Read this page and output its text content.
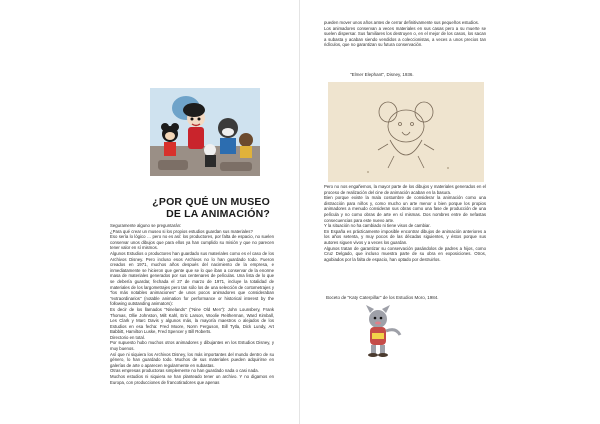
¿POR QUÉ UN MUSEO
DE LA ANIMACIÓN?

Seguramente alguno se preguntarán:

¿Para qué crear un museo si los propios estudios guardan sus materiales?

Eso sería lo lógico … pero no es así: los productores, por falta de espacio, no suelen conservar unos dibujos que para ellos ya han cumplido su misión y que no parecen tener valor en sí mismos.

Algunos Estudios o productores han guardado sus materiales como es el caso de los Archivos Disney. Pero incluso esos Archivos no lo han guardado todo. Fueron creados en 1971, muchos años después del nacimiento de la empresa, e inmediatamente se hicieron que gente que se lo que iban a conservar de la enorme masa de materiales generados por sus centenares de películas. Una lista de lo que se debería guardar, fechada el 27 de marzo de 1971, incluye la totalidad de materiales de los largometrajes pero tan sólo los de una selección de cortometrajes y "los más notables animaciones" de unos pocos animadores que consideraban "extraordinarios" (notable animation for performance or historical interest by the following outstanding animators):

Es decir de los llamados "Ninelands" ("Nine Old Men"): John Lounsbery, Frank Thomas, Ollie Johnston, Milt Kahl, Eric Larson, Woolie Reitherman, Ward Kimball, Les Clark y Marc Davis y algunos más, la mayoría maestros o alejados de los Estudios en esa fecha: Fred Moore, Norm Ferguson, Bill Tytla, Dick Lundy, Art Babbitt, Hamilton Luske, Fred Spencer y Bill Roberts.

Directorio en total.

Por supuesto hubo muchos otros animadores y dibujantes en los Estudios Disney, y muy buenos.

Así que ni siquiera los Archivos Disney, los más importantes del mundo dentro de su género, lo han guardado todo. Muchos de sus materiales pueden adquirirse en galerías de arte o aparecen regularmente en subastas.

Otras empresas productoras simplemente no han guardado nada o casi nada.

Muchos estudios ni siquiera se han planteado tener un archivo. Y no digamos en Europa, con producciones de francotiradores que apenas

pueden mover unos años antes de cerrar definitivamente sus pequeños estudios.

Los animadores conservan a veces materiales en sus casas pero a su muerte se suelen dispersar. Sus familiares los destruyen o, en el mejor de los casos, los sacan a subasta y acaban siendo vendidos a coleccionistas, a veces a unos precios tan ridículos, que no garantizan su futura conservación.

"Elmer Elephant", Disney, 1936.

Pero no nos engañemos, la mayor parte de los dibujos y materiales generados en el proceso de realización del cine de animación acaban en la basura.

Bien porque existe la mala costumbre de considerar la animación como una distracción para niños y, como mucho un arte menor o bien porque los propios animadores a menudo consideran sus obras como una fase de producción de una película y no como obras de arte en sí mismas. Dos nombres entre de nefastas consecuencias para este nuevo arte.

Y la situación no ha cambiado ni tiene visos de cambiar.

En España es prácticamente imposible encontrar dibujos de animación anteriores a los años setenta, y muy pocos de las décadas siguientes, y éstos porque sus autores siguen vivos y a veces los guardan.

Algunos tratan de garantizar su conservación pasándolos de padres a hijos, como Cruz Delgado, que incluso muestra parte de su obra en exposiciones. Otros, agobiados por la falta de espacio, han optado por destruirlos.

Boceto de "Katy Caterpillar" de los Estudios Moro, 1984.
